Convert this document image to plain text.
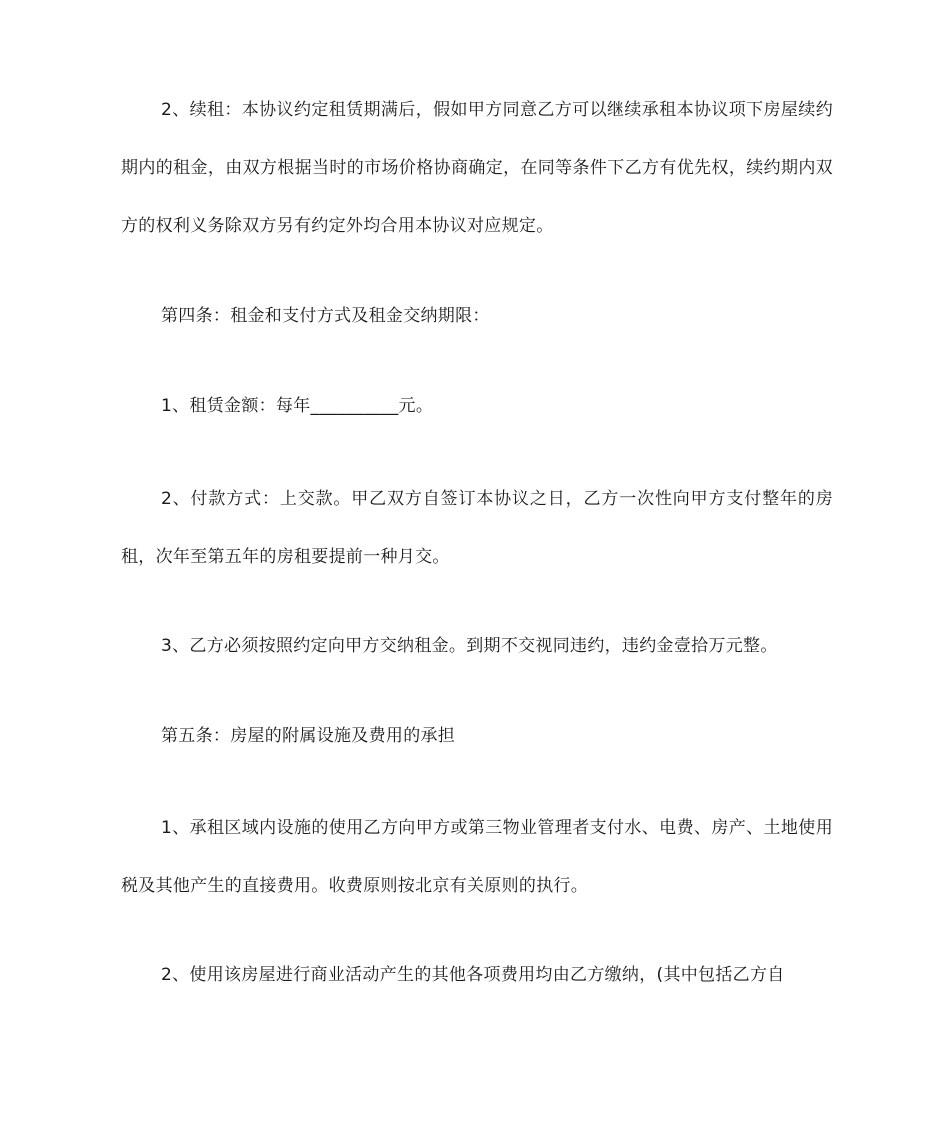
2、续租：本协议约定租赁期满后，假如甲方同意乙方可以继续承租本协议项下房屋续约期内的租金，由双方根据当时的市场价格协商确定，在同等条件下乙方有优先权，续约期内双方的权利义务除双方另有约定外均合用本协议对应规定。

第四条：租金和支付方式及租金交纳期限：

1、租赁金额：每年__________元。

2、付款方式：上交款。甲乙双方自签订本协议之日，乙方一次性向甲方支付整年的房租，次年至第五年的房租要提前一种月交。

3、乙方必须按照约定向甲方交纳租金。到期不交视同违约，违约金壹拾万元整。

第五条：房屋的附属设施及费用的承担

1、承租区域内设施的使用乙方向甲方或第三物业管理者支付水、电费、房产、土地使用税及其他产生的直接费用。收费原则按北京有关原则的执行。

2、使用该房屋进行商业活动产生的其他各项费用均由乙方缴纳，(其中包括乙方自
